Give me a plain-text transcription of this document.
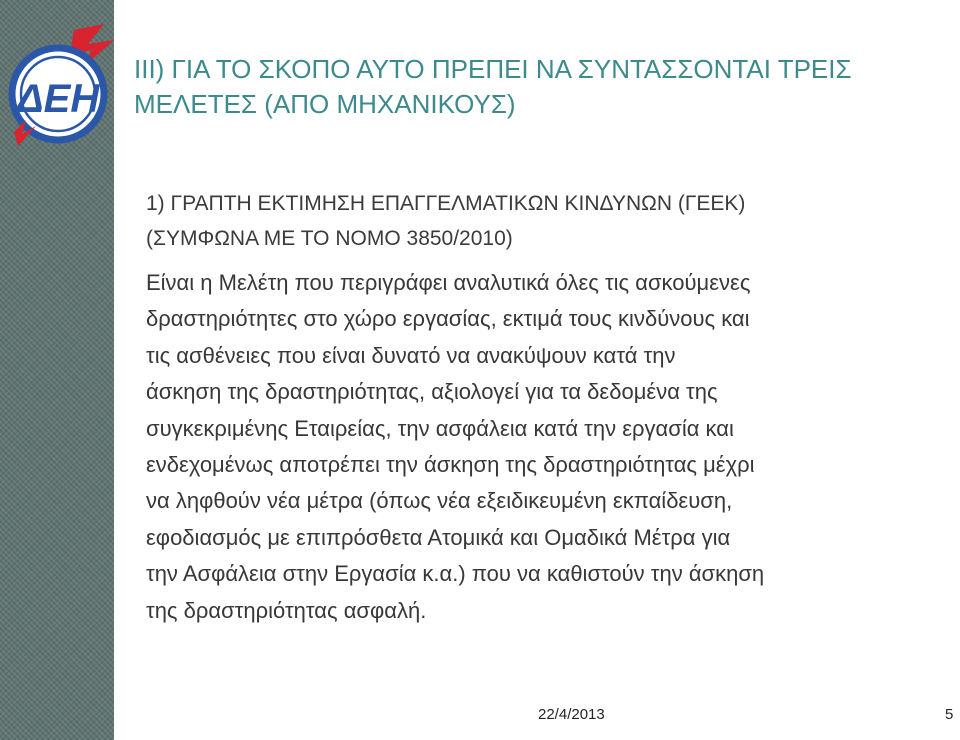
ΔΕΗ
III) ΓΙΑ ΤΟ ΣΚΟΠΟ ΑΥΤΟ ΠΡΕΠΕΙ ΝΑ ΣΥΝΤΑΣΣΟΝΤΑΙ ΤΡΕΙΣ
ΜΕΛΕΤΕΣ (ΑΠΟ ΜΗΧΑΝΙΚΟΥΣ)
1) ΓΡΑΠΤΗ ΕΚΤΙΜΗΣΗ ΕΠΑΓΓΕΛΜΑΤΙΚΩΝ ΚΙΝΔΥΝΩΝ (ΓΕΕΚ)
(ΣΥΜΦΩΝΑ ΜΕ ΤΟ ΝΟΜΟ 3850/2010)

Είναι η Μελέτη που περιγράφει αναλυτικά όλες τις ασκούμενες
δραστηριότητες στο χώρο εργασίας, εκτιμά τους κινδύνους και
τις ασθένειες που είναι δυνατό να ανακύψουν κατά την
άσκηση της δραστηριότητας, αξιολογεί για τα δεδομένα της
συγκεκριμένης Εταιρείας, την ασφάλεια κατά την εργασία και
ενδεχομένως αποτρέπει την άσκηση της δραστηριότητας μέχρι
να ληφθούν νέα μέτρα (όπως νέα εξειδικευμένη εκπαίδευση,
εφοδιασμός με επιπρόσθετα Ατομικά και Ομαδικά Μέτρα για
την Ασφάλεια στην Εργασία κ.α.) που να καθιστούν την άσκηση
της δραστηριότητας ασφαλή.

22/4/2013	5
